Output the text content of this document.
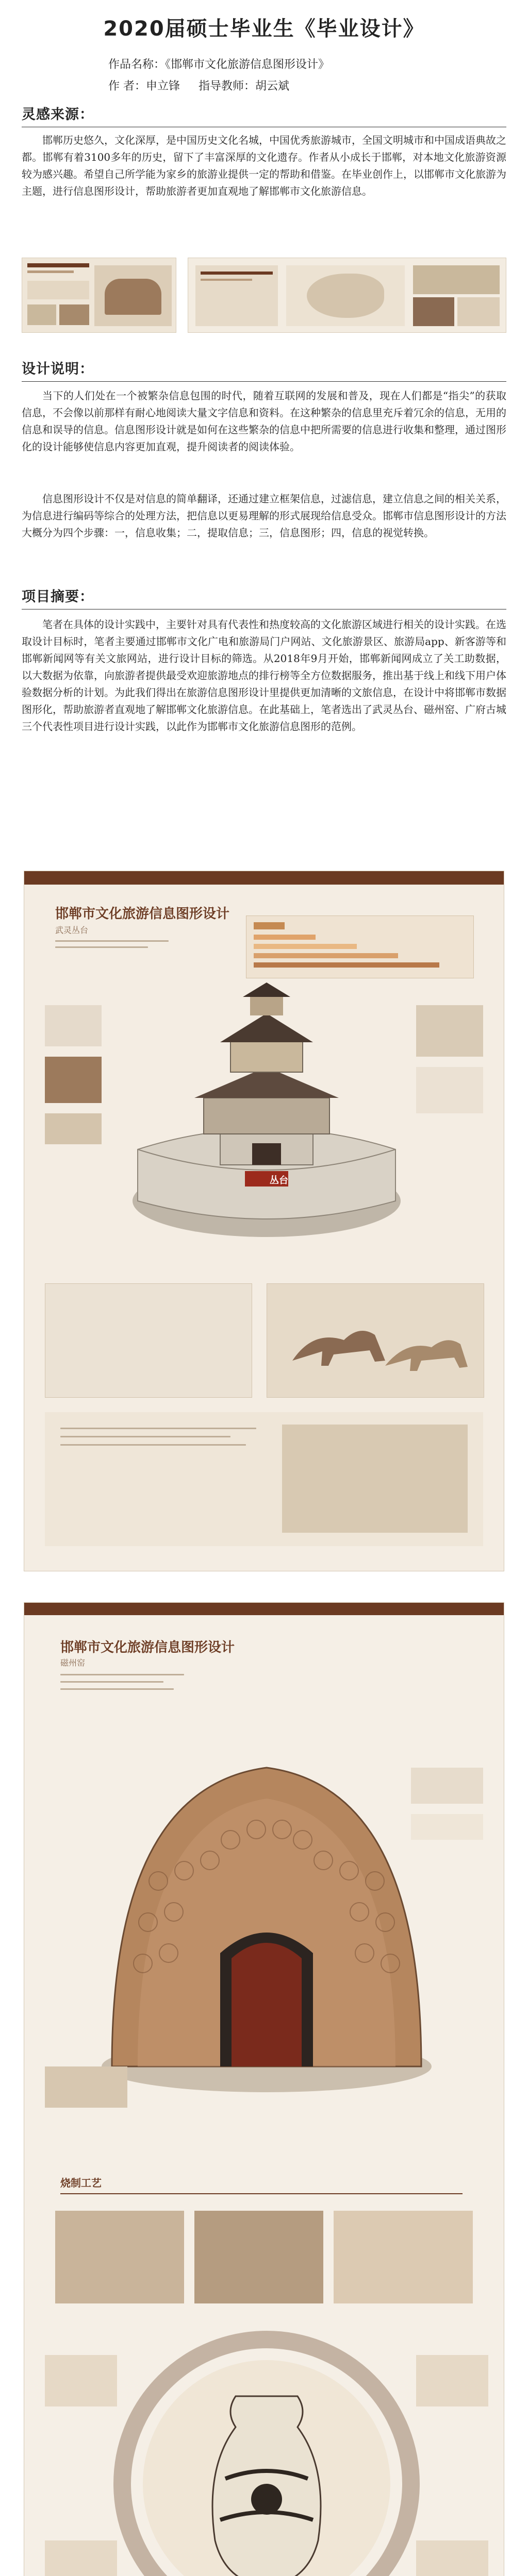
2020届硕士毕业生《毕业设计》
作品名称：《邯郸市文化旅游信息图形设计》
作 者：申立锋 指导教师：胡云斌
灵感来源：
邯郸历史悠久，文化深厚，是中国历史文化名城，中国优秀旅游城市，全国文明城市和中国成语典故之都。邯郸有着3100多年的历史，留下了丰富深厚的文化遗存。作者从小成长于邯郸，对本地文化旅游资源较为感兴趣。希望自己所学能为家乡的旅游业提供一定的帮助和借鉴。在毕业创作上，以邯郸市文化旅游为主题，进行信息图形设计，帮助旅游者更加直观地了解邯郸市文化旅游信息。
设计说明：
当下的人们处在一个被繁杂信息包围的时代，随着互联网的发展和普及，现在人们都是“指尖”的获取信息，不会像以前那样有耐心地阅读大量文字信息和资料。在这种繁杂的信息里充斥着冗余的信息，无用的信息和误导的信息。信息图形设计就是如何在这些繁杂的信息中把所需要的信息进行收集和整理，通过图形化的设计能够使信息内容更加直观，提升阅读者的阅读体验。
信息图形设计不仅是对信息的简单翻译，还通过建立框架信息，过滤信息，建立信息之间的相关关系，为信息进行编码等综合的处理方法，把信息以更易理解的形式展现给信息受众。邯郸市信息图形设计的方法大概分为四个步骤：一，信息收集；二，提取信息；三，信息图形；四，信息的视觉转换。
项目摘要：
笔者在具体的设计实践中，主要针对具有代表性和热度较高的文化旅游区域进行相关的设计实践。在选取设计目标时，笔者主要通过邯郸市文化广电和旅游局门户网站、文化旅游景区、旅游局app、新客游等和邯郸新闻网等有关文旅网站，进行设计目标的筛选。从2018年9月开始，邯郸新闻网成立了关工助数据，以大数据为依靠，向旅游者提供最受欢迎旅游地点的排行榜等全方位数据服务，推出基于线上和线下用户体验数据分析的计划。为此我们得出在旅游信息图形设计里提供更加清晰的文旅信息，在设计中将邯郸市数据图形化，帮助旅游者直观地了解邯郸文化旅游信息。在此基础上，笔者选出了武灵丛台、磁州窑、广府古城三个代表性项目进行设计实践，以此作为邯郸市文化旅游信息图形的范例。
邯郸市文化旅游信息图形设计
武灵丛台
丛台
邯郸市文化旅游信息图形设计
磁州窑
烧制工艺
